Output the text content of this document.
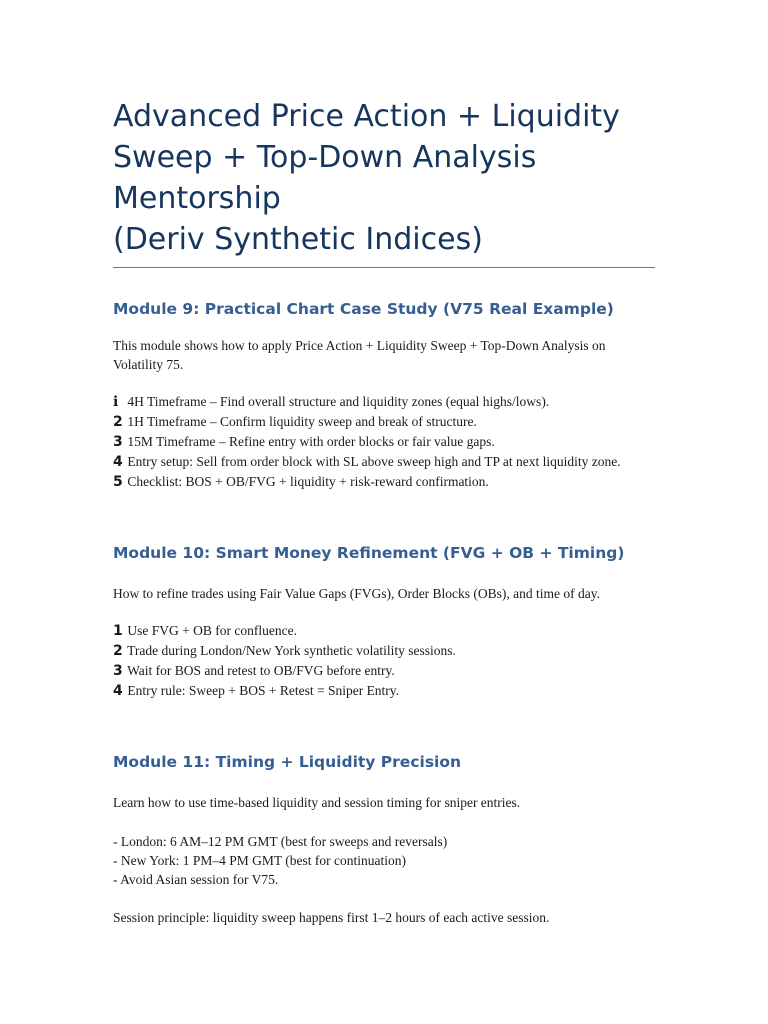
Advanced Price Action + Liquidity
Sweep + Top-Down Analysis Mentorship
(Deriv Synthetic Indices)
Module 9: Practical Chart Case Study (V75 Real Example)

This module shows how to apply Price Action + Liquidity Sweep + Top-Down Analysis on Volatility 75.

ℹ 4H Timeframe – Find overall structure and liquidity zones (equal highs/lows).
2 1H Timeframe – Confirm liquidity sweep and break of structure.
3 15M Timeframe – Refine entry with order blocks or fair value gaps.
4 Entry setup: Sell from order block with SL above sweep high and TP at next liquidity zone.
5 Checklist: BOS + OB/FVG + liquidity + risk-reward confirmation.
Module 10: Smart Money Refinement (FVG + OB + Timing)

How to refine trades using Fair Value Gaps (FVGs), Order Blocks (OBs), and time of day.

1 Use FVG + OB for confluence.
2 Trade during London/New York synthetic volatility sessions.
3 Wait for BOS and retest to OB/FVG before entry.
4 Entry rule: Sweep + BOS + Retest = Sniper Entry.
Module 11: Timing + Liquidity Precision

Learn how to use time-based liquidity and session timing for sniper entries.

- London: 6 AM–12 PM GMT (best for sweeps and reversals)
- New York: 1 PM–4 PM GMT (best for continuation)
- Avoid Asian session for V75.

Session principle: liquidity sweep happens first 1–2 hours of each active session.
